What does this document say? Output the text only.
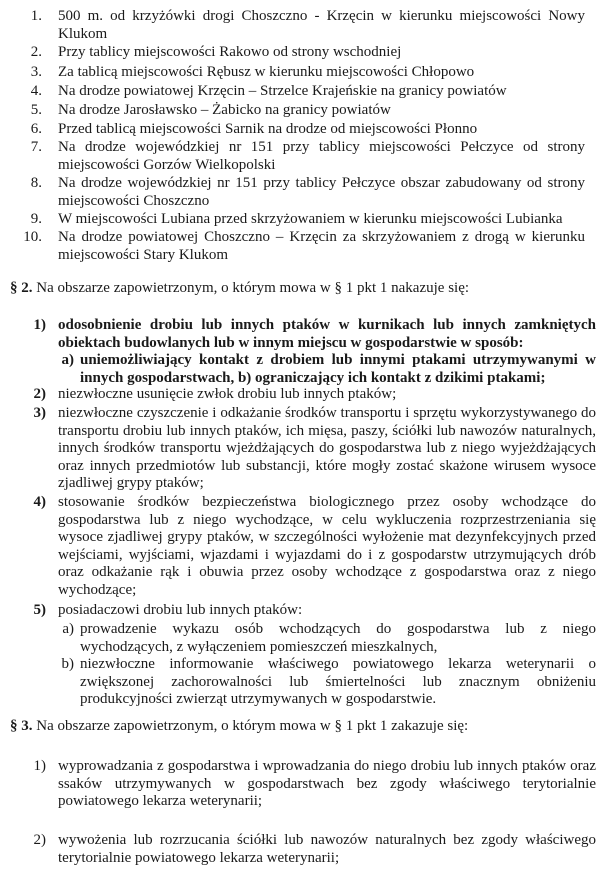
1. 500 m. od krzyżówki drogi Choszczno - Krzęcin w kierunku miejscowości Nowy Klukom
2. Przy tablicy miejscowości Rakowo od strony wschodniej
3. Za tablicą miejscowości Rębusz w kierunku miejscowości Chłopowo
4. Na drodze powiatowej Krzęcin – Strzelce Krajeńskie na granicy powiatów
5. Na drodze Jarosławsko – Żabicko na granicy powiatów
6. Przed tablicą miejscowości Sarnik na drodze od miejscowości Płonno
7. Na drodze wojewódzkiej nr 151 przy tablicy miejscowości Pełczyce od strony miejscowości Gorzów Wielkopolski
8. Na drodze wojewódzkiej nr 151 przy tablicy Pełczyce obszar zabudowany od strony miejscowości Choszczno
9. W miejscowości Lubiana przed skrzyżowaniem w kierunku miejscowości Lubianka
10. Na drodze powiatowej Choszczno – Krzęcin za skrzyżowaniem z drogą w kierunku miejscowości Stary Klukom
§ 2. Na obszarze zapowietrzonym, o którym mowa w § 1 pkt 1 nakazuje się:
1) odosobnienie drobiu lub innych ptaków w kurnikach lub innych zamkniętych obiektach budowlanych lub w innym miejscu w gospodarstwie w sposób:
a) uniemożliwiający kontakt z drobiem lub innymi ptakami utrzymywanymi w innych gospodarstwach, b) ograniczający ich kontakt z dzikimi ptakami;
2) niezwłoczne usunięcie zwłok drobiu lub innych ptaków;
3) niezwłoczne czyszczenie i odkażanie środków transportu i sprzętu wykorzystywanego do transportu drobiu lub innych ptaków, ich mięsa, paszy, ściółki lub nawozów naturalnych, innych środków transportu wjeżdżających do gospodarstwa lub z niego wyjeżdżających oraz innych przedmiotów lub substancji, które mogły zostać skażone wirusem wysoce zjadliwej grypy ptaków;
4) stosowanie środków bezpieczeństwa biologicznego przez osoby wchodzące do gospodarstwa lub z niego wychodzące, w celu wykluczenia rozprzestrzeniania się wysoce zjadliwej grypy ptaków, w szczególności wyłożenie mat dezynfekcyjnych przed wejściami, wyjściami, wjazdami i wyjazdami do i z gospodarstw utrzymujących drób oraz odkażanie rąk i obuwia przez osoby wchodzące z gospodarstwa oraz z niego wychodzące;
5) posiadaczowi drobiu lub innych ptaków:
a) prowadzenie wykazu osób wchodzących do gospodarstwa lub z niego wychodzących, z wyłączeniem pomieszczeń mieszkalnych,
b) niezwłoczne informowanie właściwego powiatowego lekarza weterynarii o zwiększonej zachorowalności lub śmiertelności lub znacznym obniżeniu produkcyjności zwierząt utrzymywanych w gospodarstwie.
§ 3. Na obszarze zapowietrzonym, o którym mowa w § 1 pkt 1 zakazuje się:
1) wyprowadzania z gospodarstwa i wprowadzania do niego drobiu lub innych ptaków oraz ssaków utrzymywanych w gospodarstwach bez zgody właściwego terytorialnie powiatowego lekarza weterynarii;
2) wywożenia lub rozrzucania ściółki lub nawozów naturalnych bez zgody właściwego terytorialnie powiatowego lekarza weterynarii;
